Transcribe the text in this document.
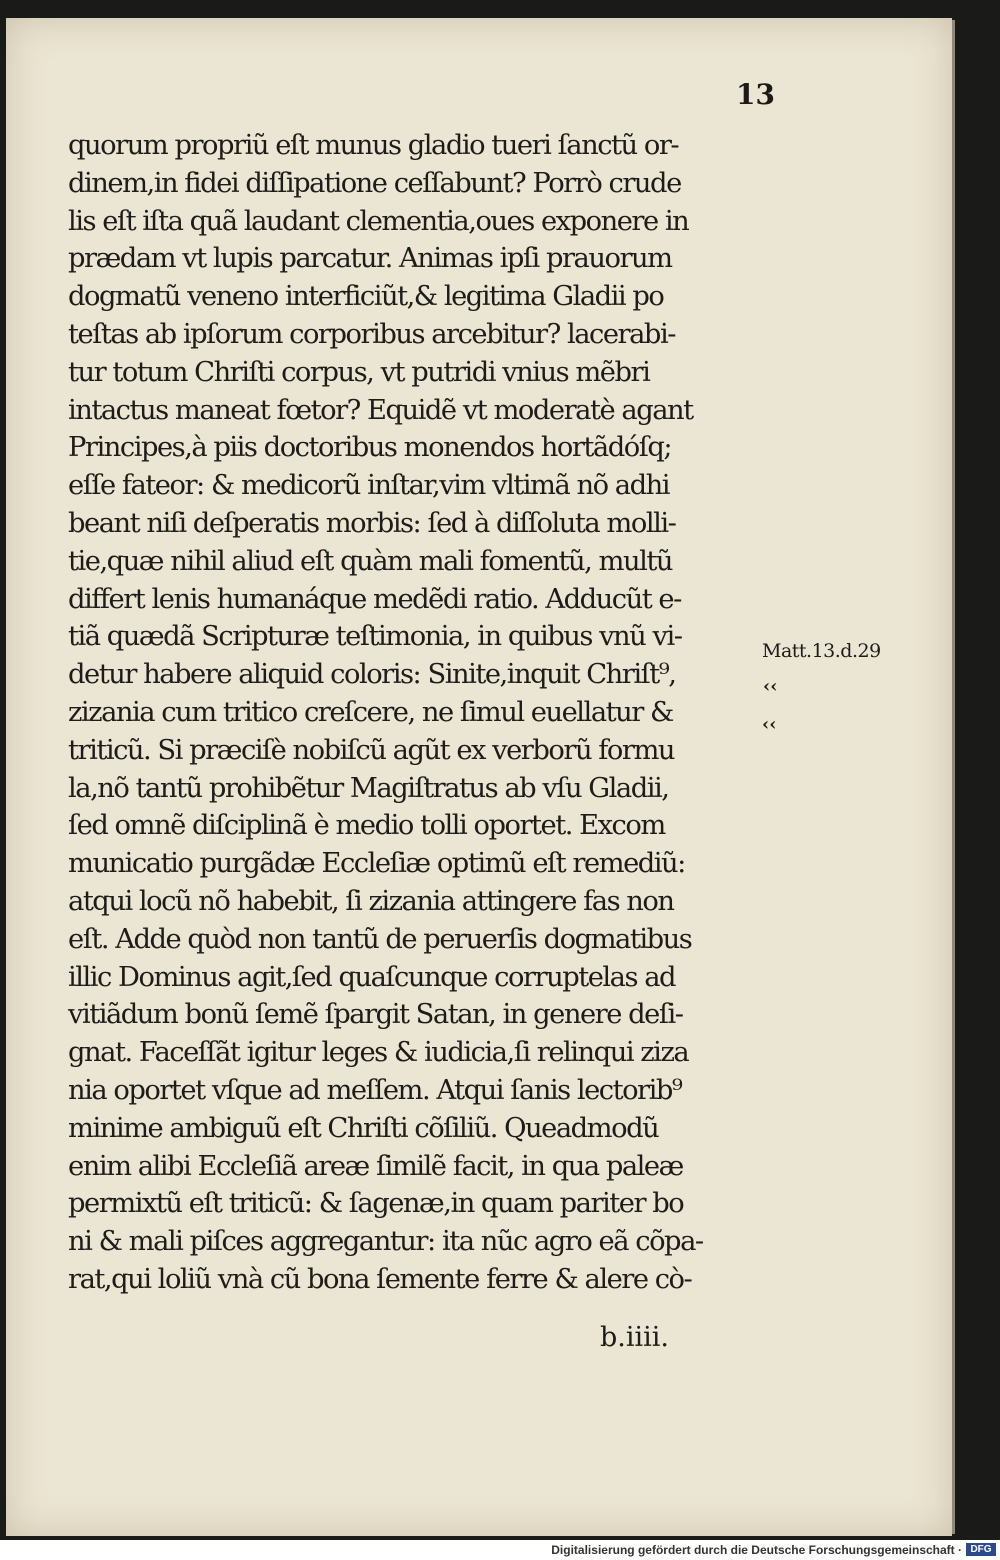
13
quorum propriũ eſt munus gladio tueri ſanctũ or-
dinem,in fidei diſſipatione ceſſabunt? Porrò crude
lis eſt iſta quã laudant clementia,oues exponere in
prædam vt lupis parcatur. Animas ipſi prauorum
dogmatũ veneno interficiũt,& legitima Gladii po
teſtas ab ipſorum corporibus arcebitur? lacerabi-
tur totum Chriſti corpus, vt putridi vnius mẽbri
intactus maneat fœtor? Equidẽ vt moderatè agant
Principes,à piis doctoribus monendos hortãdóſq;
eſſe fateor: & medicorũ inſtar,vim vltimã nõ adhi
beant niſi deſperatis morbis: ſed à diſſoluta molli-
tie,quæ nihil aliud eſt quàm mali fomentũ, multũ
differt lenis humanáque medẽdi ratio. Adducũt e-
tiã quædã Scripturæ teſtimonia, in quibus vnũ vi-
detur habere aliquid coloris: Sinite,inquit Chriſt⁹,
zizania cum tritico creſcere, ne ſimul euellatur &
triticũ. Si præciſè nobiſcũ agũt ex verborũ formu
la,nõ tantũ prohibẽtur Magiſtratus ab vſu Gladii,
ſed omnẽ diſciplinã è medio tolli oportet. Excom
municatio purgãdæ Eccleſiæ optimũ eſt remediũ:
atqui locũ nõ habebit, ſi zizania attingere fas non
eſt. Adde quòd non tantũ de peruerſis dogmatibus
illic Dominus agit,ſed quaſcunque corruptelas ad
vitiãdum bonũ ſemẽ ſpargit Satan, in genere deſi-
gnat. Faceſſãt igitur leges & iudicia,ſi relinqui ziza
nia oportet vſque ad meſſem. Atqui ſanis lectorib⁹
minime ambiguũ eſt Chriſti cõſiliũ. Queadmodũ
enim alibi Eccleſiã areæ ſimilẽ facit, in qua paleæ
permixtũ eſt triticũ: & ſagenæ,in quam pariter bo
ni & mali piſces aggregantur: ita nũc agro eã cõpa-
rat,qui loliũ vnà cũ bona ſemente ferre & alere cò-
Matt.13.d.29
‹‹
‹‹
b.iiii.
Digitalisierung gefördert durch die Deutsche Forschungsgemeinschaft · DFG
